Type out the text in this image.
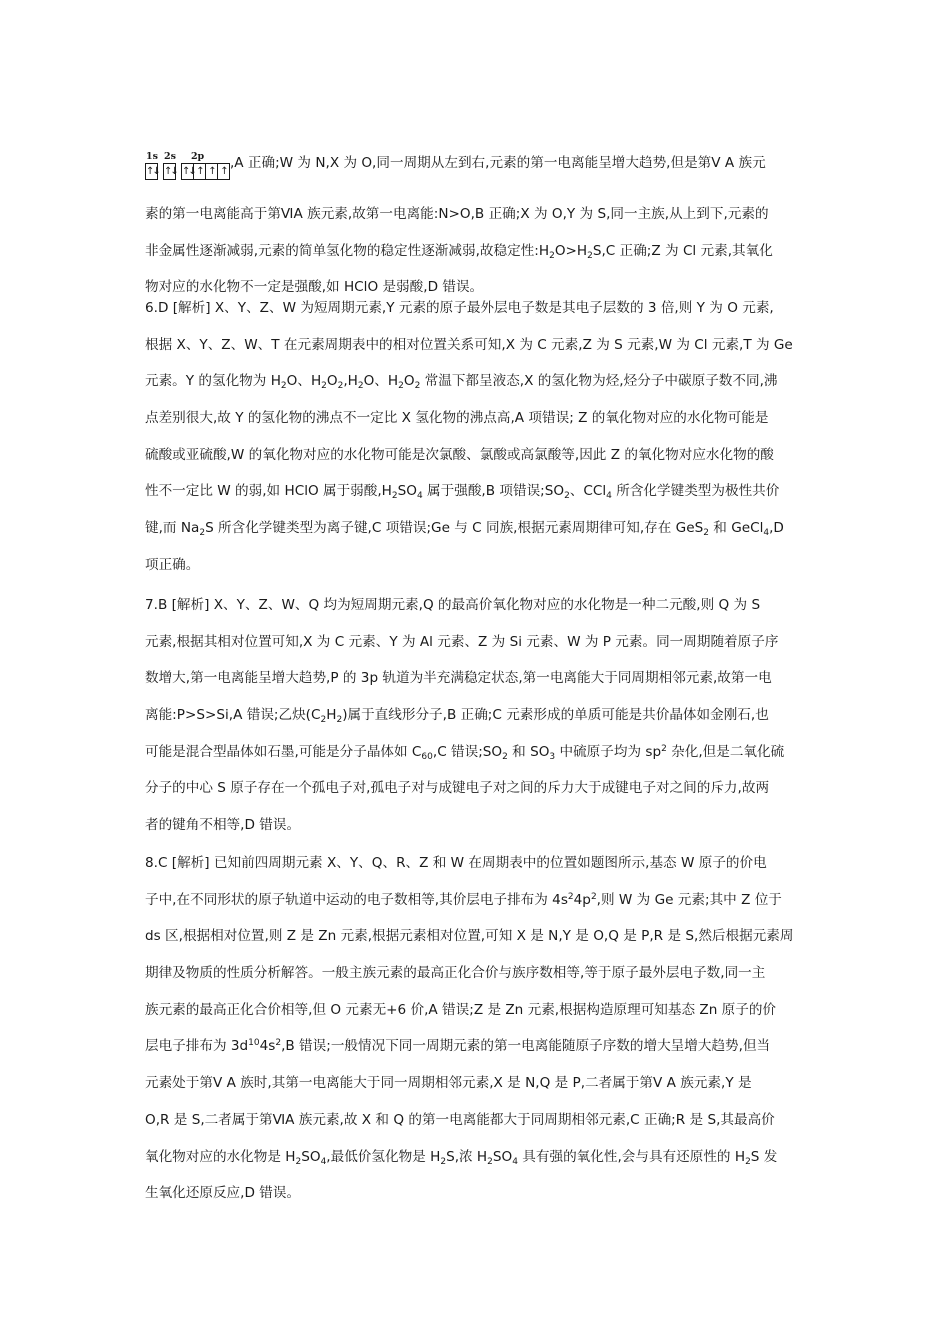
1s
↑↓
2s
↑↓
2p
↑↓ ↑ ↑ ↑
,A 正确;W 为 N,X 为 O,同一周期从左到右,元素的第一电离能呈增大趋势,但是第Ⅴ A 族元
素的第一电离能高于第ⅥA 族元素,故第一电离能:N>O,B 正确;X 为 O,Y 为 S,同一主族,从上到下,元素的
非金属性逐渐减弱,元素的简单氢化物的稳定性逐渐减弱,故稳定性$:H_2O>H_2S,C$ 正确;Z 为 Cl 元素,其氧化
物对应的水化物不一定是强酸,如 HClO 是弱酸,D 错误。
6.D [解析] X、Y、Z、W 为短周期元素,Y 元素的原子最外层电子数是其电子层数的 3 倍,则 Y 为 O 元素,
根据 X、Y、Z、W、T 在元素周期表中的相对位置关系可知,X 为 C 元素,Z 为 S 元素,W 为 Cl 元素,T 为 Ge
元素。Y 的氢化物为 $H_2O$、$H_2O_2,H_2O$、$H_2O_2$ 常温下都呈液态,X 的氢化物为烃,烃分子中碳原子数不同,沸
点差别很大,故 Y 的氢化物的沸点不一定比 X 氢化物的沸点高,A 项错误; Z 的氧化物对应的水化物可能是
硫酸或亚硫酸,W 的氧化物对应的水化物可能是次氯酸、氯酸或高氯酸等,因此 Z 的氧化物对应水化物的酸
性不一定比 W 的弱,如 HClO 属于弱酸$,H_2SO_4$ 属于强酸,B 项错误$;SO_2$、CCl$_4$ 所含化学键类型为极性共价
键,而 $Na_2S$ 所含化学键类型为离子键,C 项错误;Ge 与 C 同族,根据元素周期律可知,存在 GeS$_2$ 和 GeCl$_4$,D
项正确。
7.B [解析] X、Y、Z、W、Q 均为短周期元素,Q 的最高价氧化物对应的水化物是一种二元酸,则 Q 为 S
元素,根据其相对位置可知,X 为 C 元素、Y 为 Al 元素、Z 为 Si 元素、W 为 P 元素。同一周期随着原子序
数增大,第一电离能呈增大趋势,P 的 3p 轨道为半充满稳定状态,第一电离能大于同周期相邻元素,故第一电
离能:P>S>Si,A 错误;乙炔$(C_2H_2)$属于直线形分子,B 正确;C 元素形成的单质可能是共价晶体如金刚石,也
可能是混合型晶体如石墨,可能是分子晶体如 $C_{60},C$ 错误$;SO_2$ 和 $SO_3$ 中硫原子均为 $sp^2$ 杂化,但是二氧化硫
分子的中心 S 原子存在一个孤电子对,孤电子对与成键电子对之间的斥力大于成键电子对之间的斥力,故两
者的键角不相等,D 错误。
8.C [解析] 已知前四周期元素 X、Y、Q、R、Z 和 W 在周期表中的位置如题图所示,基态 W 原子的价电
子中,在不同形状的原子轨道中运动的电子数相等,其价层电子排布为 $4s^24p^2$,则 W 为 Ge 元素;其中 Z 位于
ds 区,根据相对位置,则 Z 是 Zn 元素,根据元素相对位置,可知 X 是 N,Y 是 O,Q 是 P,R 是 S,然后根据元素周
期律及物质的性质分析解答。一般主族元素的最高正化合价与族序数相等,等于原子最外层电子数,同一主
族元素的最高正化合价相等,但 O 元素无+6 价,A 错误;Z 是 Zn 元素,根据构造原理可知基态 Zn 原子的价
层电子排布为 $3d^{10}4s^2,B$ 错误;一般情况下同一周期元素的第一电离能随原子序数的增大呈增大趋势,但当
元素处于第Ⅴ A 族时,其第一电离能大于同一周期相邻元素,X 是 N,Q 是 P,二者属于第Ⅴ A 族元素,Y 是
O,R 是 S,二者属于第ⅥA 族元素,故 X 和 Q 的第一电离能都大于同周期相邻元素,C 正确;R 是 S,其最高价
氧化物对应的水化物是 $H_2SO_4$,最低价氢化物是 $H_2S$,浓 $H_2SO_4$ 具有强的氧化性,会与具有还原性的 $H_2S$ 发
生氧化还原反应,D 错误。
